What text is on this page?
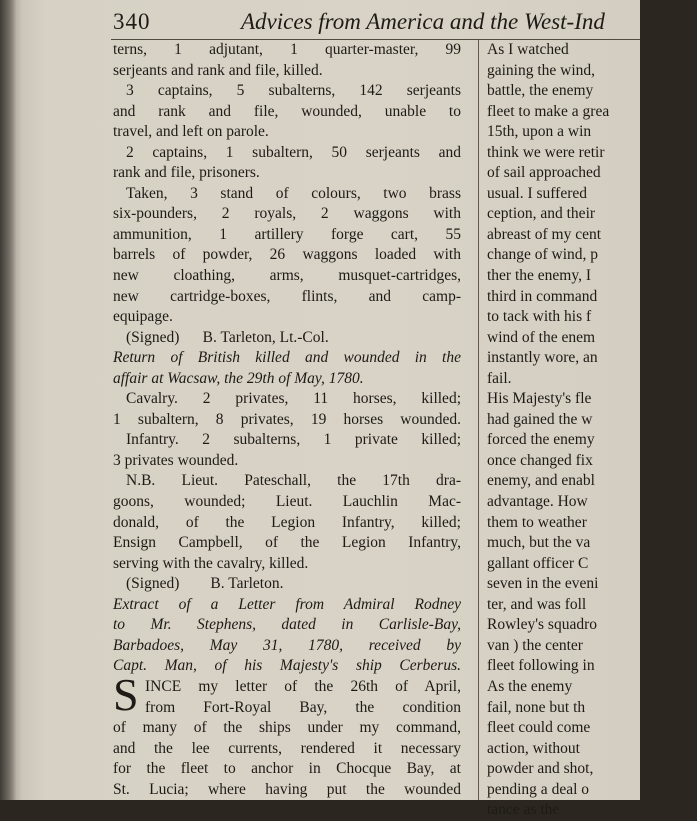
340	Advices from America and the West-Ind
S
terns, 1 adjutant, 1 quarter-master, 99
serjeants and rank and file, killed.
3 captains, 5 subalterns, 142 serjeants
and rank and file, wounded, unable to
travel, and left on parole.
2 captains, 1 subaltern, 50 serjeants and
rank and file, prisoners.
Taken, 3 stand of colours, two brass
six-pounders, 2 royals, 2 waggons with
ammunition, 1 artillery forge cart, 55
barrels of powder, 26 waggons loaded with
new cloathing, arms, musquet-cartridges,
new cartridge-boxes, flints, and camp-
equipage.
(Signed)      B. Tarleton, Lt.-Col.
Return of British killed and wounded in the
affair at Wacsaw, the 29th of May, 1780.
Cavalry. 2 privates, 11 horses, killed;
1 subaltern, 8 privates, 19 horses wounded.
Infantry. 2 subalterns, 1 private killed;
3 privates wounded.
N.B. Lieut. Pateschall, the 17th dra-
goons, wounded; Lieut. Lauchlin Mac-
donald, of the Legion Infantry, killed;
Ensign Campbell, of the Legion Infantry,
serving with the cavalry, killed.
(Signed)        B. Tarleton.
Extract of a Letter from Admiral Rodney
to Mr. Stephens, dated in Carlisle-Bay,
Barbadoes, May 31, 1780, received by
Capt. Man, of his Majesty's ship Cerberus.
INCE my letter of the 26th of April,
from Fort-Royal Bay, the condition
of many of the ships under my command,
and the lee currents, rendered it necessary
for the fleet to anchor in Chocque Bay, at
St. Lucia; where having put the wounded
As I watched
gaining the wind,
battle, the enemy
fleet to make a grea
15th, upon a win
think we were retir
of sail approached
usual. I suffered
ception, and their
abreast of my cent
change of wind, p
ther the enemy, I
third in command
to tack with his f
wind of the enem
instantly wore, an
fail.
His Majesty's fle
had gained the w
forced the enemy
once changed fix
enemy, and enabl
advantage. How
them to weather
much, but the va
gallant officer C
seven in the eveni
ter, and was foll
Rowley's squadro
van ) the center
fleet following in
As the enemy
fail, none but th
fleet could come
action, without
powder and shot,
pending a deal o
tance as the
